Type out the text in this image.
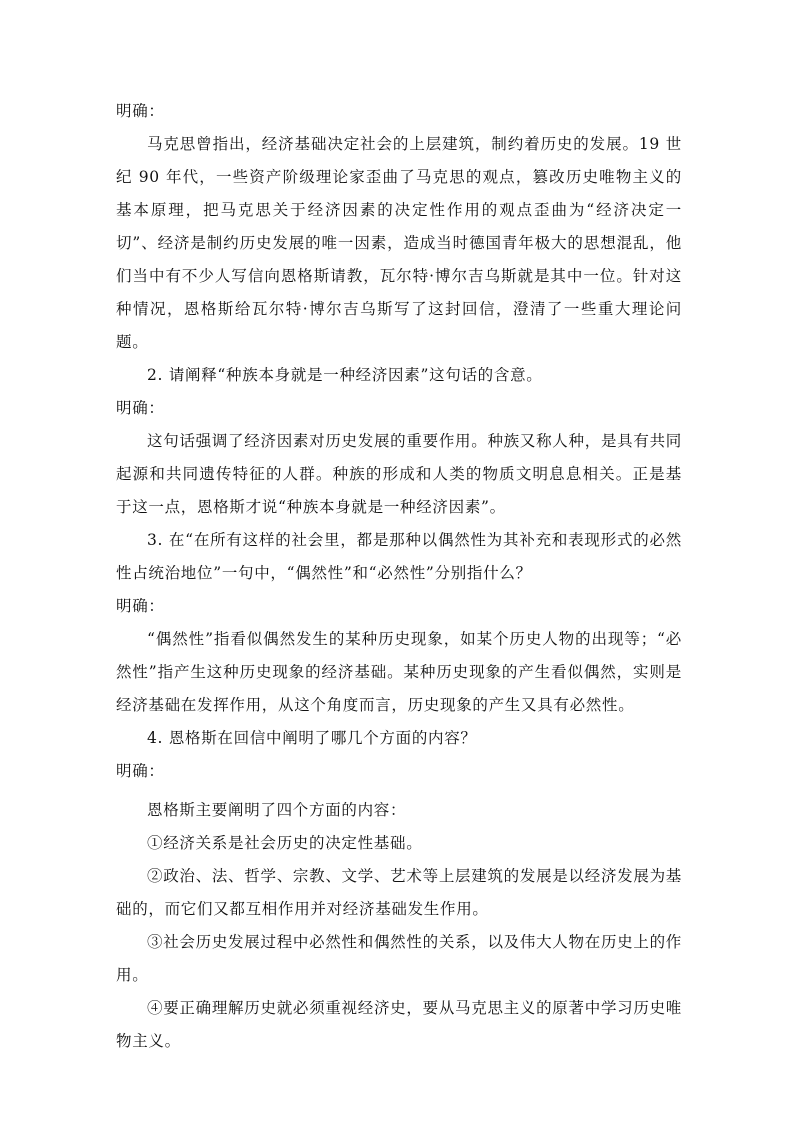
明确：

马克思曾指出，经济基础决定社会的上层建筑，制约着历史的发展。19 世纪 90 年代，一些资产阶级理论家歪曲了马克思的观点，篡改历史唯物主义的基本原理，把马克思关于经济因素的决定性作用的观点歪曲为“经济决定一切”、经济是制约历史发展的唯一因素，造成当时德国青年极大的思想混乱，他们当中有不少人写信向恩格斯请教，瓦尔特·博尔吉乌斯就是其中一位。针对这种情况，恩格斯给瓦尔特·博尔吉乌斯写了这封回信，澄清了一些重大理论问题。

2. 请阐释“种族本身就是一种经济因素”这句话的含意。

明确：

这句话强调了经济因素对历史发展的重要作用。种族又称人种，是具有共同起源和共同遗传特征的人群。种族的形成和人类的物质文明息息相关。正是基于这一点，恩格斯才说“种族本身就是一种经济因素”。

3. 在“在所有这样的社会里，都是那种以偶然性为其补充和表现形式的必然性占统治地位”一句中，“偶然性”和“必然性”分别指什么？

明确：

“偶然性”指看似偶然发生的某种历史现象，如某个历史人物的出现等；“必然性”指产生这种历史现象的经济基础。某种历史现象的产生看似偶然，实则是经济基础在发挥作用，从这个角度而言，历史现象的产生又具有必然性。

4. 恩格斯在回信中阐明了哪几个方面的内容？

明确：

恩格斯主要阐明了四个方面的内容：

①经济关系是社会历史的决定性基础。

②政治、法、哲学、宗教、文学、艺术等上层建筑的发展是以经济发展为基础的，而它们又都互相作用并对经济基础发生作用。

③社会历史发展过程中必然性和偶然性的关系，以及伟大人物在历史上的作用。

④要正确理解历史就必须重视经济史，要从马克思主义的原著中学习历史唯物主义。
